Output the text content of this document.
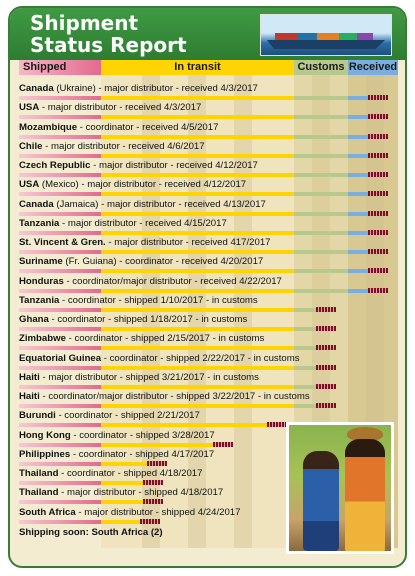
Shipment
Status Report
Shipped	In transit	Customs Received
Canada (Ukraine) - major distributor - received 4/3/2017
USA - major distributor - received 4/3/2017
Mozambique - coordinator - received 4/5/2017
Chile - major distributor - received 4/6/2017
Czech Republic - major distributor - received 4/12/2017
USA (Mexico) - major distributor - received 4/12/2017
Canada (Jamaica) - major distributor - received 4/13/2017
Tanzania - major distributor - received 4/15/2017
St. Vincent & Gren. - major distributor - received 417/2017
Suriname (Fr. Guiana) - coordinator - received 4/20/2017
Honduras - coordinator/major distributor - received 4/22/2017
Tanzania - coordinator - shipped 1/10/2017 - in customs
Ghana - coordinator - shipped 1/18/2017 - in customs
Zimbabwe - coordinator - shipped 2/15/2017 - in customs
Equatorial Guinea - coordinator - shipped 2/22/2017 - in customs
Haiti - major distributor - shipped 3/21/2017 - in customs
Haiti - coordinator/major distributor - shipped 3/22/2017 - in customs
Burundi - coordinator - shipped 2/21/2017
Hong Kong - coordinator - shipped 3/28/2017
Philippines - coordinator - shipped 4/17/2017
Thailand - coordinator - shipped 4/18/2017
Thailand - major distributor - shipped 4/18/2017
South Africa - major distributor - shipped 4/24/2017
Shipping soon: South Africa (2)
